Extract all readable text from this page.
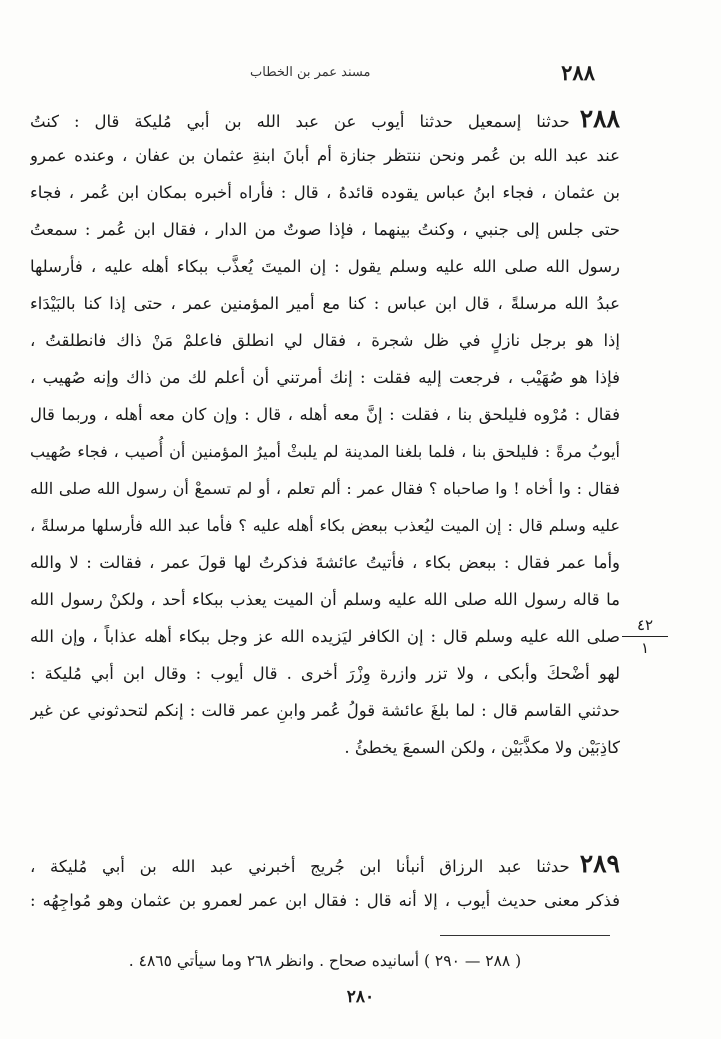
٢٨٨
مسند عمر بن الخطاب
٢٨٨حدثنا إسمعيل حدثنا أيوب عن عبد الله بن أبي مُليكة قال : كنتُ
عند عبد الله بن عُمر ونحن ننتظر جنازة أم أبانَ ابنةِ عثمان بن عفان ، وعنده عمرو
بن عثمان ، فجاء ابنُ عباس يقوده قائدهُ ، قال : فأراه أخبره بمكان ابن عُمر ، فجاء
حتى جلس إلى جنبي ، وكنتُ بينهما ، فإذا صوتٌ من الدار ، فقال ابن عُمر : سمعتُ
رسول الله صلى الله عليه وسلم يقول : إن الميتَ يُعذَّب ببكاء أهله عليه ، فأرسلها
عبدُ الله مرسلةً ، قال ابن عباس : كنا مع أمير المؤمنين عمر ، حتى إذا كنا بالبَيْدَاء
إذا هو برجل نازلٍ في ظل شجرة ، فقال لي انطلق فاعلمْ مَنْ ذاك فانطلقتُ ،
فإذا هو صُهَيْب ، فرجعت إليه فقلت : إنك أمرتني أن أعلم لك من ذاك وإنه صُهيب ،
فقال : مُرْوه فليلحق بنا ، فقلت : إنَّ معه أهله ، قال : وإن كان معه أهله ، وربما قال
أيوبُ مرةً : فليلحق بنا ، فلما بلغنا المدينة لم يلبثْ أميرُ المؤمنين أن أُصيب ، فجاء صُهيب
فقال : وا أخاه ! وا صاحباه ؟ فقال عمر : ألم تعلم ، أو لم تسمعْ أن رسول الله صلى الله
عليه وسلم قال : إن الميت ليُعذب ببعض بكاء أهله عليه ؟ فأما عبد الله فأرسلها مرسلةً ،
وأما عمر فقال : ببعض بكاء ، فأتيتُ عائشةَ فذكرتُ لها قولَ عمر ، فقالت : لا والله
ما قاله رسول الله صلى الله عليه وسلم أن الميت يعذب ببكاء أحد ، ولكنْ رسول الله
صلى الله عليه وسلم قال : إن الكافر ليَزيده الله عز وجل ببكاء أهله عذاباً ، وإن الله
لهو أضْحكَ وأبكى ، ولا تزر وازرة وِزْرَ أخرى . قال أيوب : وقال ابن أبي مُليكة :
حدثني القاسم قال : لما بلغَ عائشة قولُ عُمر وابنِ عمر قالت : إنكم لتحدثوني عن غير
كاذِبَيْن ولا مكذَّبَيْن ، ولكن السمعَ يخطئُ .
٤٢
١
٢٨٩حدثنا عبد الرزاق أنبأنا ابن جُريج أخبرني عبد الله بن أبي مُليكة ،
فذكر معنى حديث أيوب ، إلا أنه قال : فقال ابن عمر لعمرو بن عثمان وهو مُواجِهُه :
( ٢٨٨ — ٢٩٠ ) أسانيده صحاح . وانظر ٢٦٨ وما سيأتي ٤٨٦٥ .
٢٨٠
